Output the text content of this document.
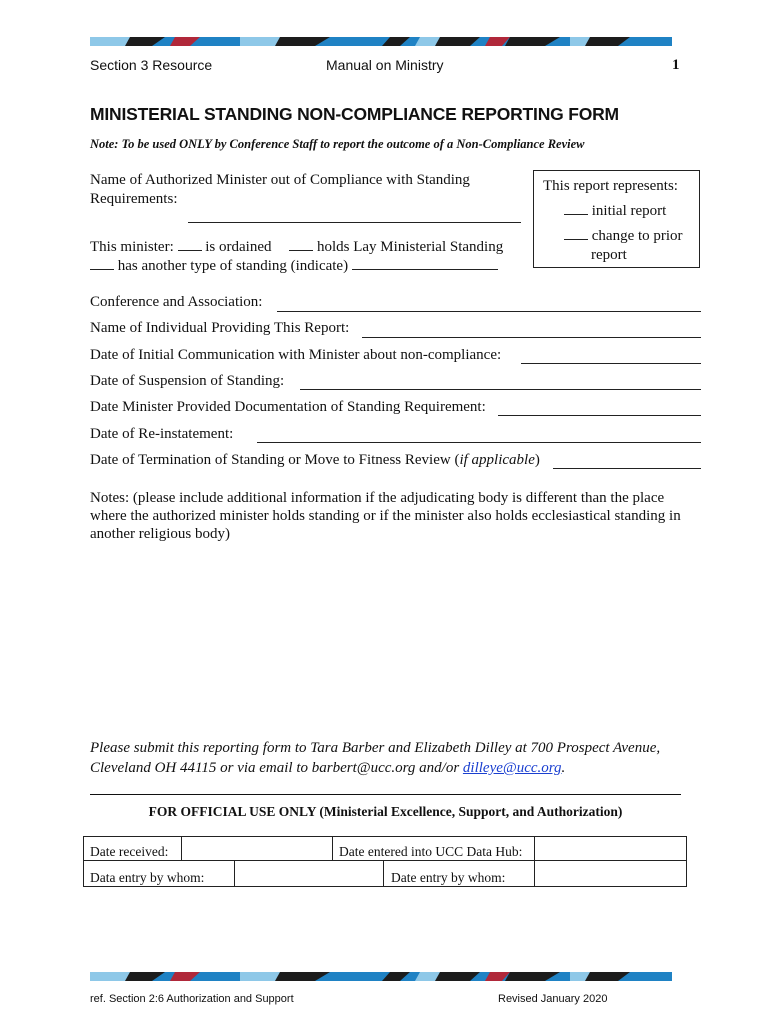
Section 3 Resource	Manual on Ministry	1
MINISTERIAL STANDING NON-COMPLIANCE REPORTING FORM
Note: To be used ONLY by Conference Staff to report the outcome of a Non-Compliance Review
Name of Authorized Minister out of Compliance with Standing
Requirements:
This minister: is ordained	holds Lay Ministerial Standing
has another type of standing (indicate)
This report represents:
initial report
change to prior
report
Conference and Association:
Name of Individual Providing This Report:
Date of Initial Communication with Minister about non-compliance:
Date of Suspension of Standing:
Date Minister Provided Documentation of Standing Requirement:
Date of Re-instatement:
Date of Termination of Standing or Move to Fitness Review (if applicable)
Notes: (please include additional information if the adjudicating body is different than the place where the authorized minister holds standing or if the minister also holds ecclesiastical standing in another religious body)
Please submit this reporting form to Tara Barber and Elizabeth Dilley at 700 Prospect Avenue, Cleveland OH 44115 or via email to barbert@ucc.org and/or dilleye@ucc.org.
FOR OFFICIAL USE ONLY (Ministerial Excellence, Support, and Authorization)
Date received:	Date entered into UCC Data Hub:
Data entry by whom:	Date entry by whom:
ref. Section 2:6 Authorization and Support	Revised January 2020
